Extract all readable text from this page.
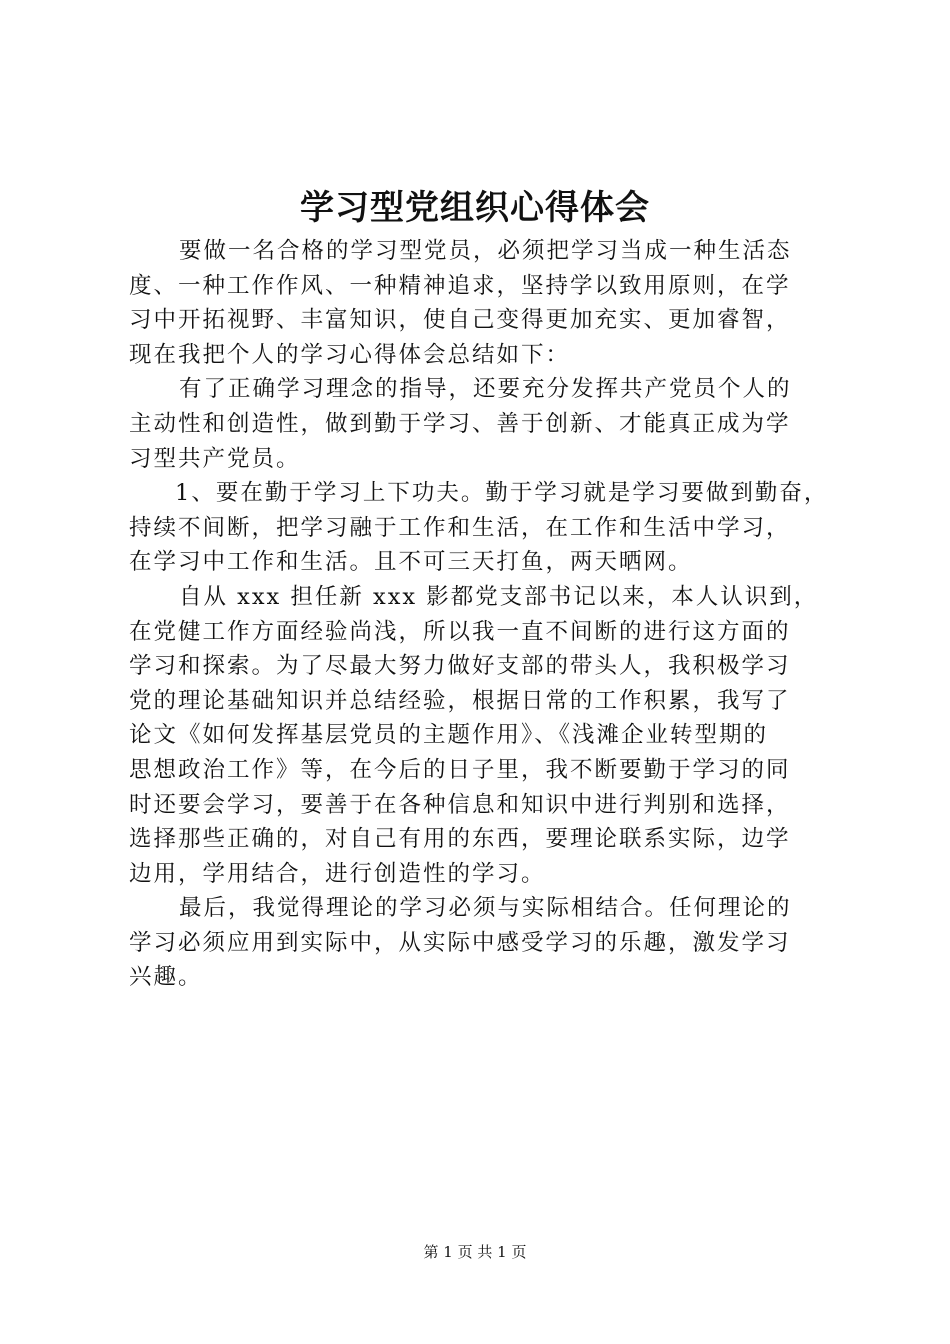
学习型党组织心得体会
要做一名合格的学习型党员，必须把学习当成一种生活态
度、一种工作作风、一种精神追求，坚持学以致用原则，在学
习中开拓视野、丰富知识，使自己变得更加充实、更加睿智，
现在我把个人的学习心得体会总结如下：
有了正确学习理念的指导，还要充分发挥共产党员个人的
主动性和创造性，做到勤于学习、善于创新、才能真正成为学
习型共产党员。
1、要在勤于学习上下功夫。勤于学习就是学习要做到勤奋，
持续不间断，把学习融于工作和生活，在工作和生活中学习，
在学习中工作和生活。且不可三天打鱼，两天晒网。
自从 xxx 担任新 xxx 影都党支部书记以来，本人认识到，
在党健工作方面经验尚浅，所以我一直不间断的进行这方面的
学习和探索。为了尽最大努力做好支部的带头人，我积极学习
党的理论基础知识并总结经验，根据日常的工作积累，我写了
论文《如何发挥基层党员的主题作用》、《浅滩企业转型期的
思想政治工作》等，在今后的日子里，我不断要勤于学习的同
时还要会学习，要善于在各种信息和知识中进行判别和选择，
选择那些正确的，对自己有用的东西，要理论联系实际，边学
边用，学用结合，进行创造性的学习。
最后，我觉得理论的学习必须与实际相结合。任何理论的
学习必须应用到实际中，从实际中感受学习的乐趣，激发学习
兴趣。
第 1 页 共 1 页
